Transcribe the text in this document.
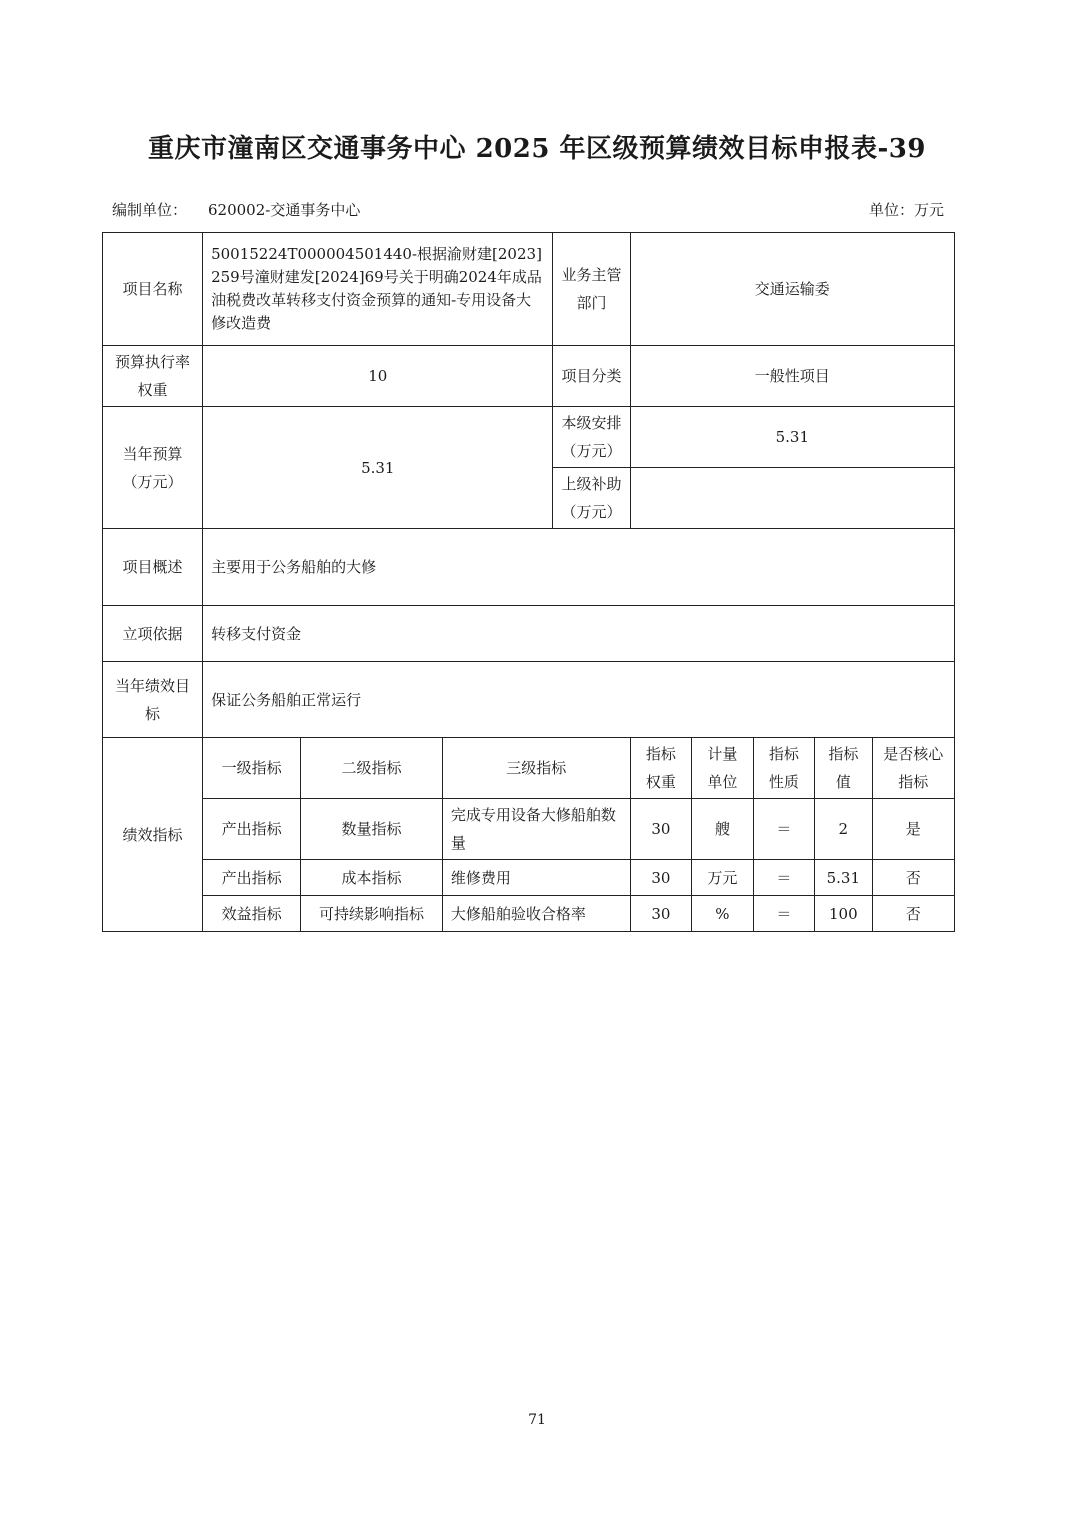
重庆市潼南区交通事务中心 2025 年区级预算绩效目标申报表-39
编制单位： 620002-交通事务中心	单位：万元
项目名称	50015224T000004501440-根据渝财建[2023]259号潼财建发[2024]69号关于明确2024年成品油税费改革转移支付资金预算的通知-专用设备大修改造费			业务主管部门	交通运输委				
预算执行率权重	10			项目分类	一般性项目				
当年预算（万元）	5.31			本级安排（万元）	5.31				
				上级补助（万元）					
项目概述	主要用于公务船舶的大修								
立项依据	转移支付资金								
当年绩效目标	保证公务船舶正常运行								
绩效指标	一级指标	二级指标	三级指标		指标权重	计量单位	指标性质	指标值	是否核心指标
	产出指标	数量指标	完成专用设备大修船舶数量		30	艘	＝	2	是
	产出指标	成本指标	维修费用		30	万元	＝	5.31	否
	效益指标	可持续影响指标	大修船舶验收合格率		30	%	＝	100	否
71
